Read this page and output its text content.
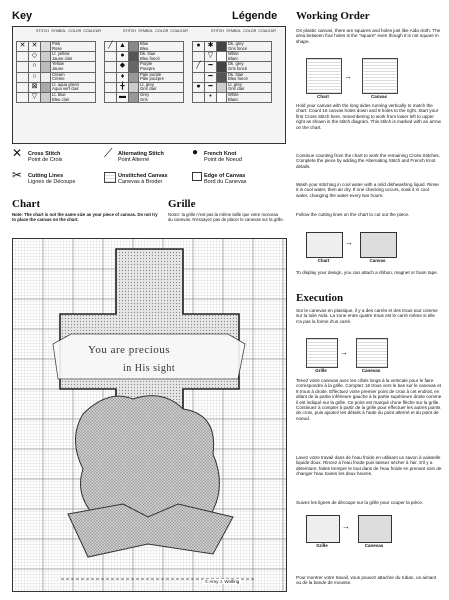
Key	Légende
STITCH SYMBOL COLOR COULEUR	STITCH SYMBOL COLOR COULEUR	STITCH SYMBOL COLOR COULEUR
✕	✕		Pink
Rose

	◇		Lt. yellow
Jaune clair

	∩		Yellow
Jaune

	○		Cream
Crème

	⊠		Lt. aqua green
Aqua vert clair

	▽		Lt. blue
Bleu clair
╱	▲		Blue
Bleu

	●		Dk. blue
Bleu foncé

	◆		Purple
Pourpre

	♦		Pale purple
Pâle pourpre

	╋		Lt. grey
Gris clair

	▬		Grey
Gris
●	✱		Dk. grey
Gris foncé

	▽		White
Blanc

╱	━		Dk. grey
Gris foncé

	━		Dk. blue
Bleu foncé

●	━		Lt. grey
Gris clair

	•		White
Blanc
✕ Cross Stitch
Point de Croix	⟋ Alternating Stitch
Point Alterné
● French Knot
Point de Noeud
✂ Cutting Lines
Lignes de Découpe
Unstitched Canvas
Canevas à Broder
Edge of Canvas
Bord du Canevas
Chart	Grille
Note: The chart is not the same size as your piece of canvas. Do not try to place the canvas on the chart.
Notez: la grille n'est pas la même taille que votre morceau du canevas. N'essayez pas de placer le canevas sur la grille.
You are precious
in His sight
© Amy J. Wolfing
Working Order
On plastic canvas, there are squares and holes just like Aida cloth. The area between four holes is the "square" even though it is not square in shape.
Chart
→
Canvas
Hold your canvas with the long sides running vertically to match the chart. Count 16 canvas holes down and 8 holes to the right. Start your first Cross Stitch here, remembering to work from lower left to upper right as shown in the stitch diagram. This stitch is marked with an arrow on the chart.
Continue counting from the chart to work the remaining Cross Stitches. Complete the piece by adding the Alternating Stitch and French Knot details.
Wash your stitching in cool water with a mild dishwashing liquid. Rinse it in cool water, then air dry. If one checking occurs, soak it in cool water, changing the water every two hours.
Follow the cutting lines on the chart to cut out the piece.
Chart
→
Canvas
To display your design, you can attach a ribbon, magnet or foam tape.
Execution
Sur le canevas en plastique, il y a des carrés et des trous tout comme sur la toile Aïda. La zone entre quatre trous est le carré même si elle n'a pas la forme d'un carré.
Grille
→
Canevas
Tenez votre canevas avec les côtés longs à la verticale pour le faire correspondre à la grille. Comptez 16 trous vers le bas sur le canevas et 8 trous à droite. Effectuez votre premier point de croix à cet endroit, en allant de la partie inférieure gauche à la partie supérieure droite comme il est indiqué sur la grille. Ce point est marqué d'une flèche sur la grille. Continuez à compter à partir de la grille pour effectuer les autres points de croix, puis ajoutez les détails à l'aide du point alterné et du point de noeud.
Lavez votre travail dans de l'eau froide en utilisant un savon à vaisselle liquide doux. Rincez à l'eau froide puis laissez sécher à l'air. S'il y a déteinture, faites tremper le tout dans de l'eau froide en prenant soin de changer l'eau toutes les deux heures.
Suivez les lignes de découpe sur la grille pour couper la pièce.
Grille
→
Canevas
Pour montrer votre travail, vous pouvez attacher du ruban, un aimant ou de la bande de mousse.
